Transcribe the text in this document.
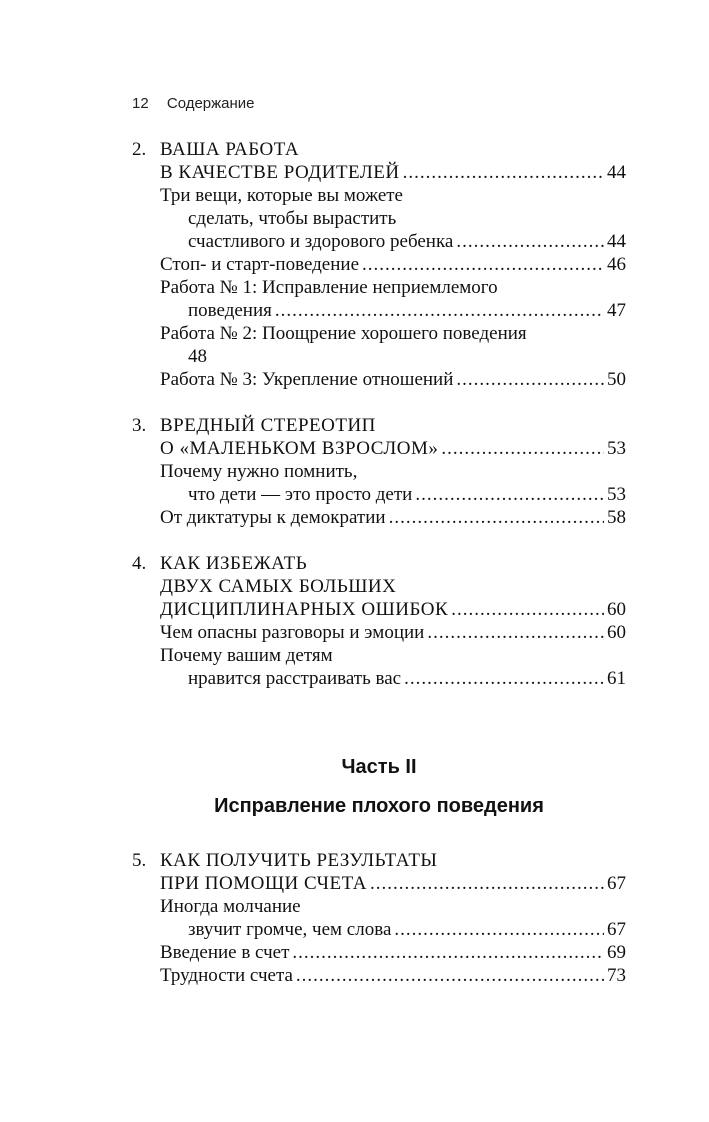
12 Содержание
2. ВАША РАБОТА
В КАЧЕСТВЕ РОДИТЕЛЕЙ .....	44
Три вещи, которые вы можете
сделать, чтобы вырастить
счастливого и здорового ребенка .....	44
Стоп- и старт-поведение .....	46
Работа № 1: Исправление неприемлемого
поведения .....	47
Работа № 2: Поощрение хорошего поведения
48
Работа № 3: Укрепление отношений .....	50
3. ВРЕДНЫЙ СТЕРЕОТИП
О «МАЛЕНЬКОМ ВЗРОСЛОМ» .....	53
Почему нужно помнить,
что дети — это просто дети .....	53
От диктатуры к демократии .....	58
4. КАК ИЗБЕЖАТЬ
ДВУХ САМЫХ БОЛЬШИХ
ДИСЦИПЛИНАРНЫХ ОШИБОК .....	60
Чем опасны разговоры и эмоции .....	60
Почему вашим детям
нравится расстраивать вас .....	61
Часть II
Исправление плохого поведения
5. КАК ПОЛУЧИТЬ РЕЗУЛЬТАТЫ
ПРИ ПОМОЩИ СЧЕТА .....	67
Иногда молчание
звучит громче, чем слова .....	67
Введение в счет .....	69
Трудности счета .....	73
